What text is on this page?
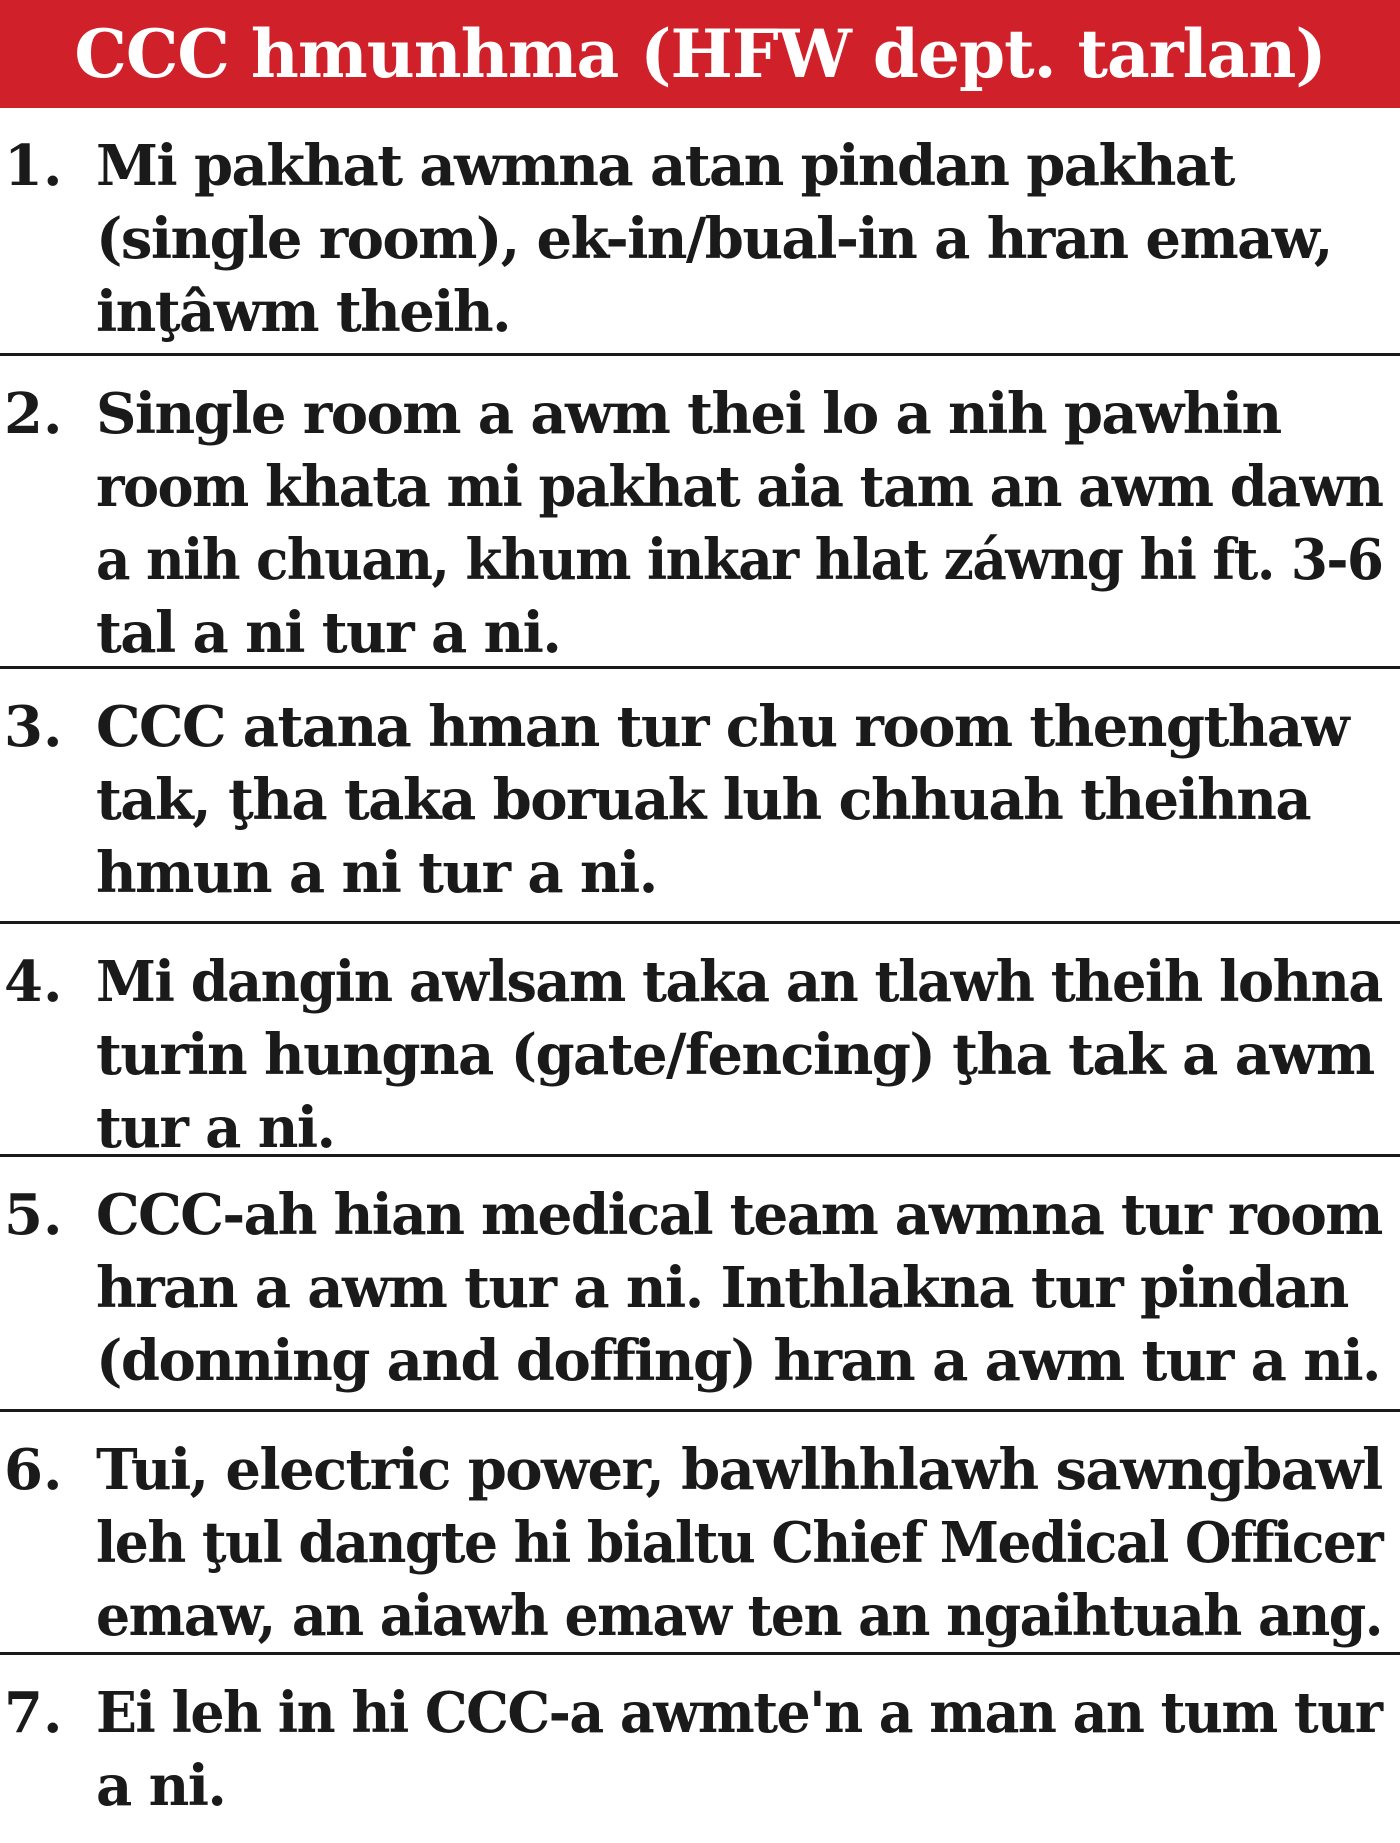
CCC hmunhma (HFW dept. tarlan)
1. Mi pakhat awmna atan pindan pakhat
(single room), ek-in/bual-in a hran emaw,
inţâwm theih.
2. Single room a awm thei lo a nih pawhin
room khata mi pakhat aia tam an awm dawn
a nih chuan, khum inkar hlat záwng hi ft. 3-6
tal a ni tur a ni.
3. CCC atana hman tur chu room thengthaw
tak, ţha taka boruak luh chhuah theihna
hmun a ni tur a ni.
4. Mi dangin awlsam taka an tlawh theih lohna
turin hungna (gate/fencing) ţha tak a awm
tur a ni.
5. CCC-ah hian medical team awmna tur room
hran a awm tur a ni. Inthlakna tur pindan
(donning and doffing) hran a awm tur a ni.
6. Tui, electric power, bawlhhlawh sawngbawl
leh ţul dangte hi bialtu Chief Medical Officer
emaw, an aiawh emaw ten an ngaihtuah ang.
7. Ei leh in hi CCC-a awmte'n a man an tum tur
a ni.
